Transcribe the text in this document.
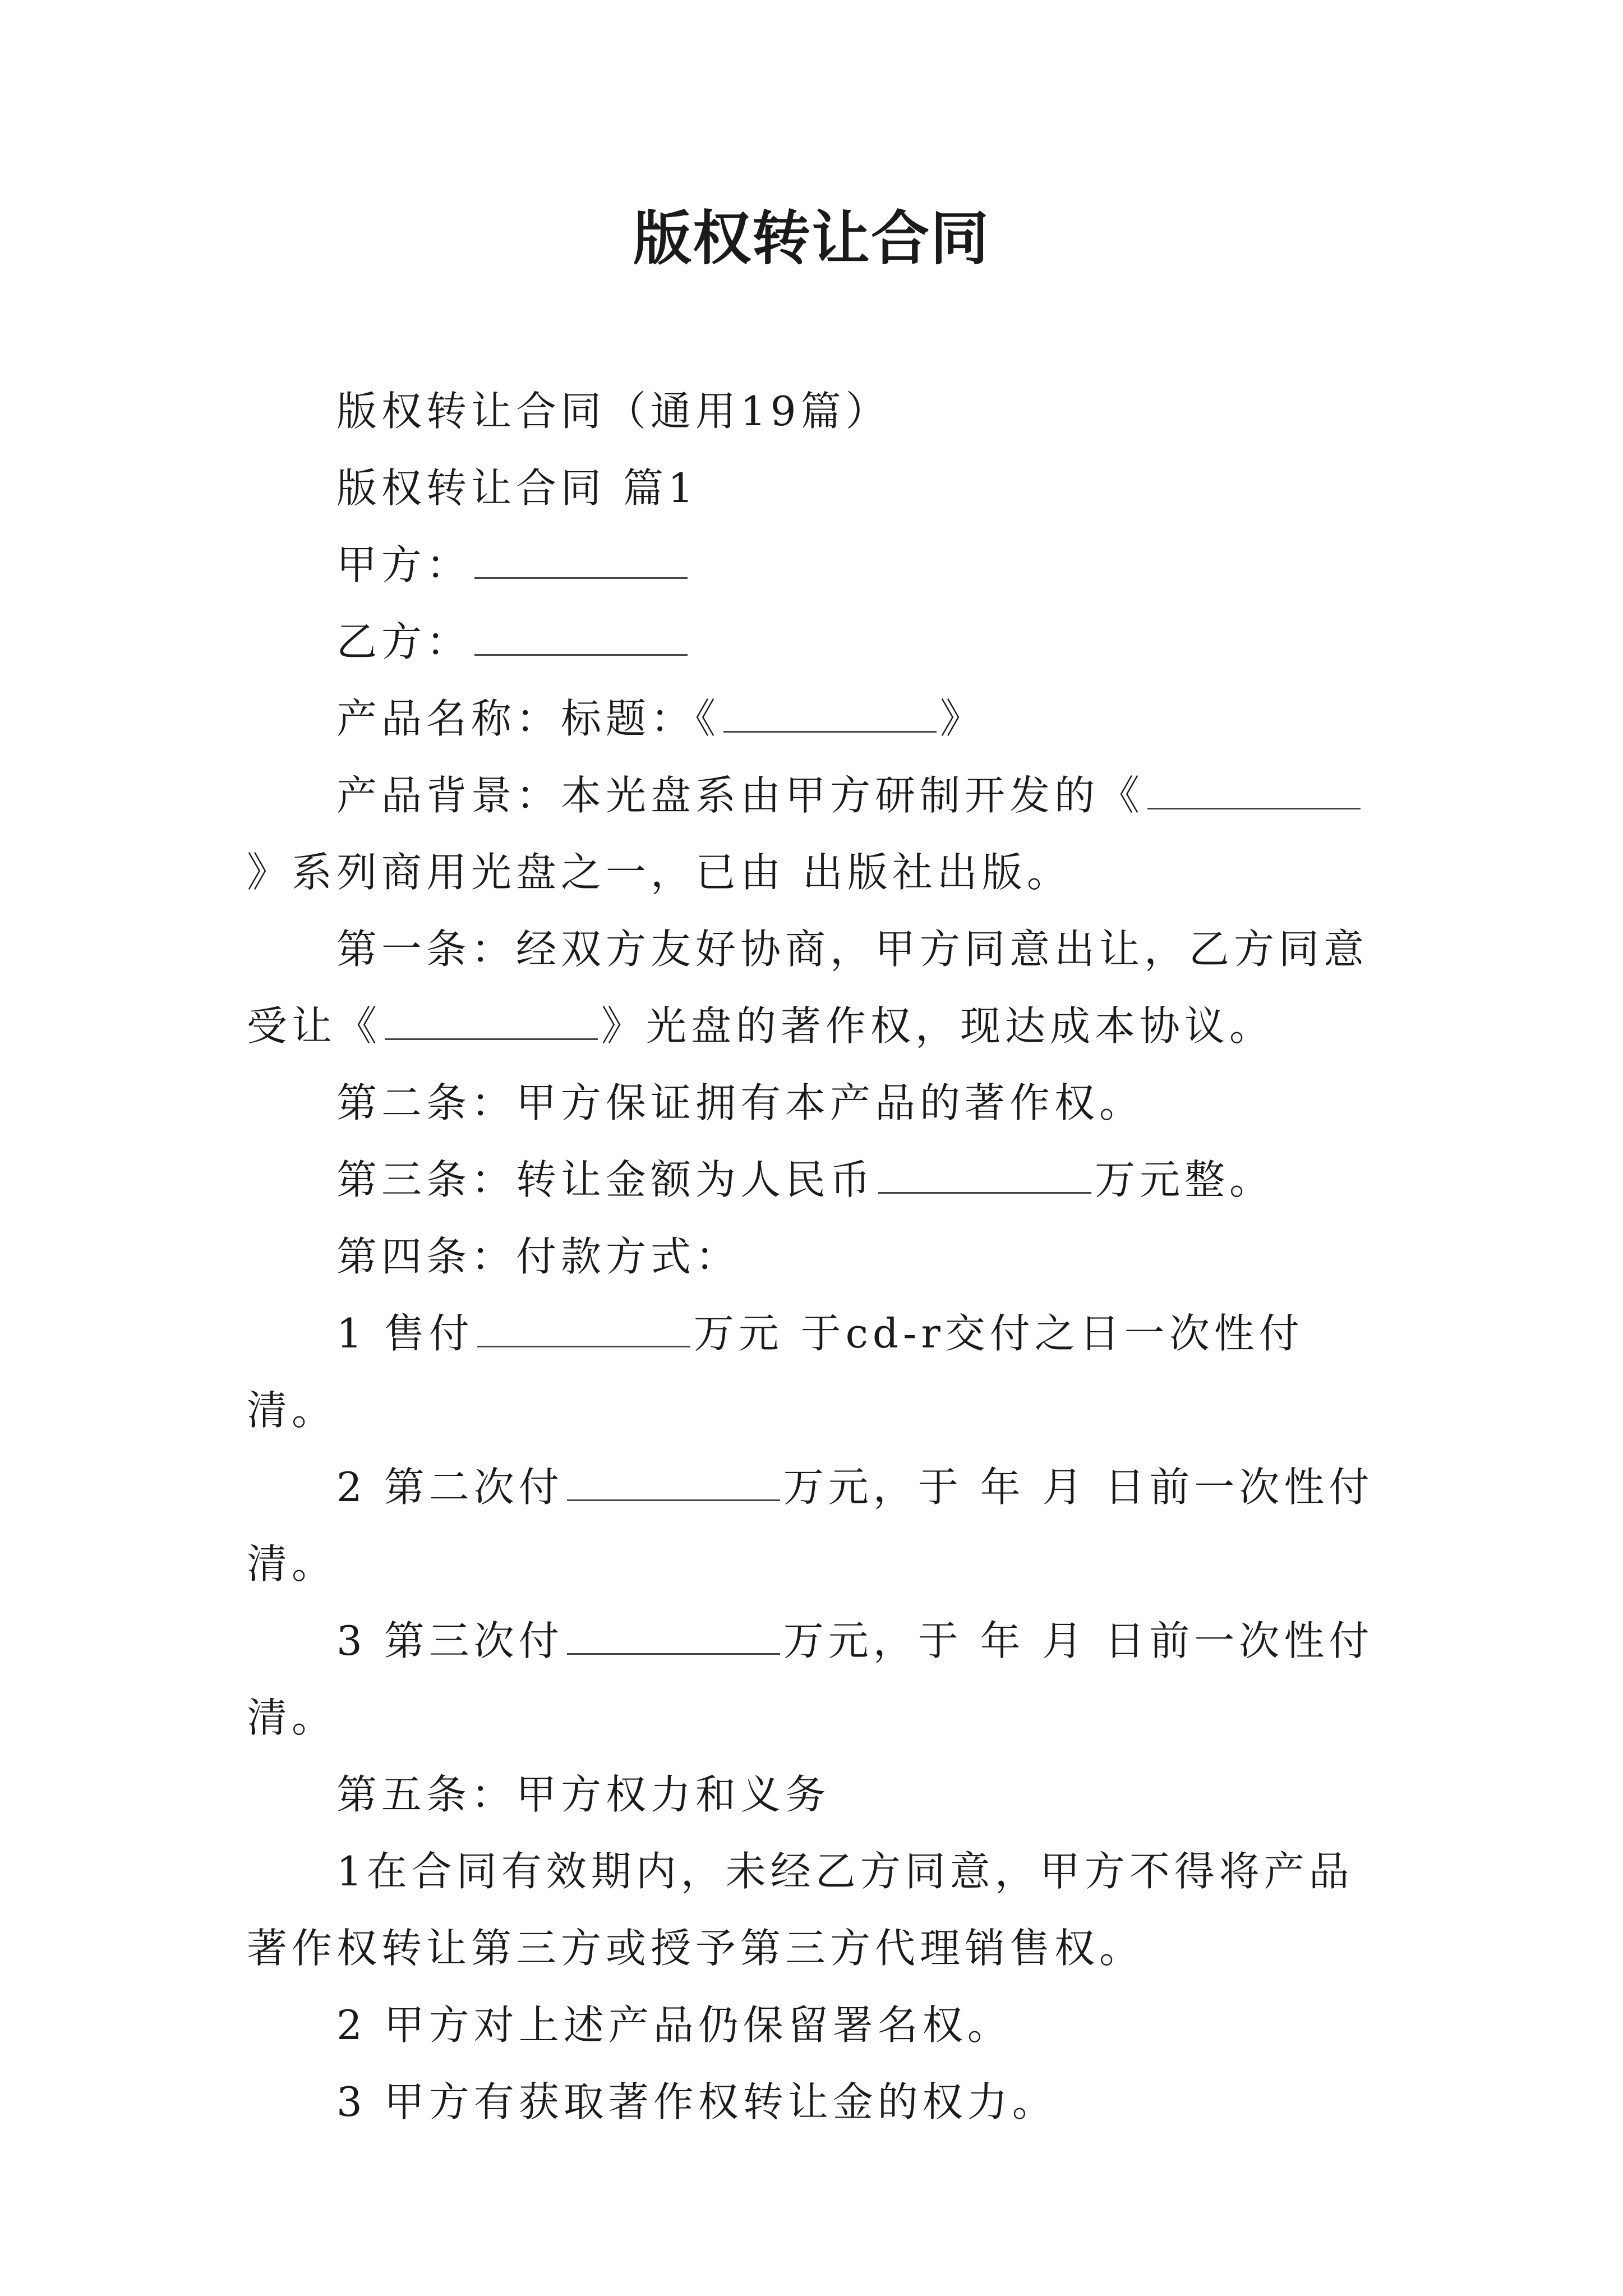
版权转让合同

版权转让合同（通用19篇）

版权转让合同 篇1

甲方：

乙方：

产品名称：标题：《	》

产品背景：本光盘系由甲方研制开发的《》系列商用光盘之一，已由 出版社出版。

第一条：经双方友好协商，甲方同意出让，乙方同意受让《	》光盘的著作权，现达成本协议。

第二条：甲方保证拥有本产品的著作权。

第三条：转让金额为人民币	万元整。

第四条：付款方式：

1 售付	万元 于cd-r交付之日一次性付清。

2 第二次付	万元，于 年 月 日前一次性付清。

3 第三次付	万元，于 年 月 日前一次性付清。

第五条：甲方权力和义务

1在合同有效期内，未经乙方同意，甲方不得将产品著作权转让第三方或授予第三方代理销售权。

2 甲方对上述产品仍保留署名权。

3 甲方有获取著作权转让金的权力。
